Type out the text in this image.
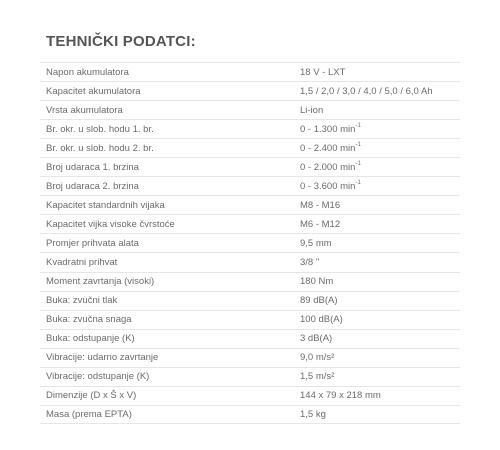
TEHNIČKI PODATCI:
Napon akumulatora	18 V - LXT
Kapacitet akumulatora	1,5 / 2,0 / 3,0 / 4,0 / 5,0 / 6,0 Ah
Vrsta akumulatora	Li-ion
Br. okr. u slob. hodu 1. br.	0 - 1.300 $\min^{-1}$
Br. okr. u slob. hodu 2. br.	0 - 2.400 $\min^{-1}$
Broj udaraca 1. brzina	0 - 2.000 $\min^{-1}$
Broj udaraca 2. brzina	0 - 3.600 $\min^{-1}$
Kapacitet standardnih vijaka	M8 - M16
Kapacitet vijka visoke čvrstoće	M6 - M12
Promjer prihvata alata	9,5 mm
Kvadratni prihvat	3/8 "
Moment zavrtanja (visoki)	180 Nm
Buka: zvučni tlak	89 dB(A)
Buka: zvučna snaga	100 dB(A)
Buka: odstupanje (K)	3 dB(A)
Vibracije: udarno zavrtanje	9,0 m/s²
Vibracije: odstupanje (K)	1,5 m/s²
Dimenzije (D x Š x V)	144 x 79 x 218 mm
Masa (prema EPTA)	1,5 kg
